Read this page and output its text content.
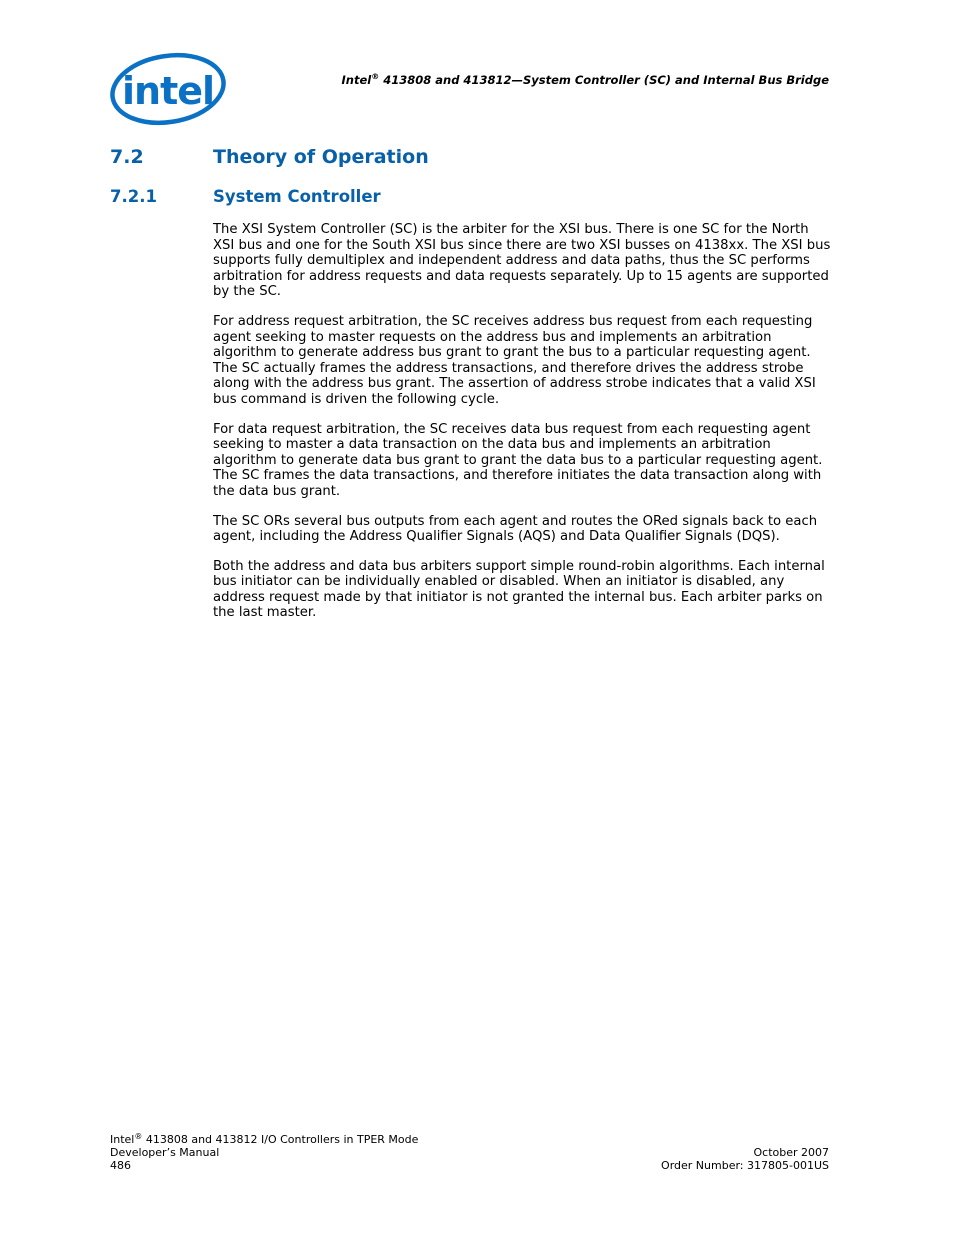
intel	Intel® 413808 and 413812—System Controller (SC) and Internal Bus Bridge
7.2	Theory of Operation
7.2.1	System Controller

The XSI System Controller (SC) is the arbiter for the XSI bus. There is one SC for the North XSI bus and one for the South XSI bus since there are two XSI busses on 4138xx. The XSI bus supports fully demultiplex and independent address and data paths, thus the SC performs arbitration for address requests and data requests separately. Up to 15 agents are supported by the SC.

For address request arbitration, the SC receives address bus request from each requesting agent seeking to master requests on the address bus and implements an arbitration algorithm to generate address bus grant to grant the bus to a particular requesting agent. The SC actually frames the address transactions, and therefore drives the address strobe along with the address bus grant. The assertion of address strobe indicates that a valid XSI bus command is driven the following cycle.

For data request arbitration, the SC receives data bus request from each requesting agent seeking to master a data transaction on the data bus and implements an arbitration algorithm to generate data bus grant to grant the data bus to a particular requesting agent. The SC frames the data transactions, and therefore initiates the data transaction along with the data bus grant.

The SC ORs several bus outputs from each agent and routes the ORed signals back to each agent, including the Address Qualifier Signals (AQS) and Data Qualifier Signals (DQS).

Both the address and data bus arbiters support simple round-robin algorithms. Each internal bus initiator can be individually enabled or disabled. When an initiator is disabled, any address request made by that initiator is not granted the internal bus. Each arbiter parks on the last master.

Intel® 413808 and 413812 I/O Controllers in TPER Mode
Developer’s Manual
486
October 2007
Order Number: 317805-001US
